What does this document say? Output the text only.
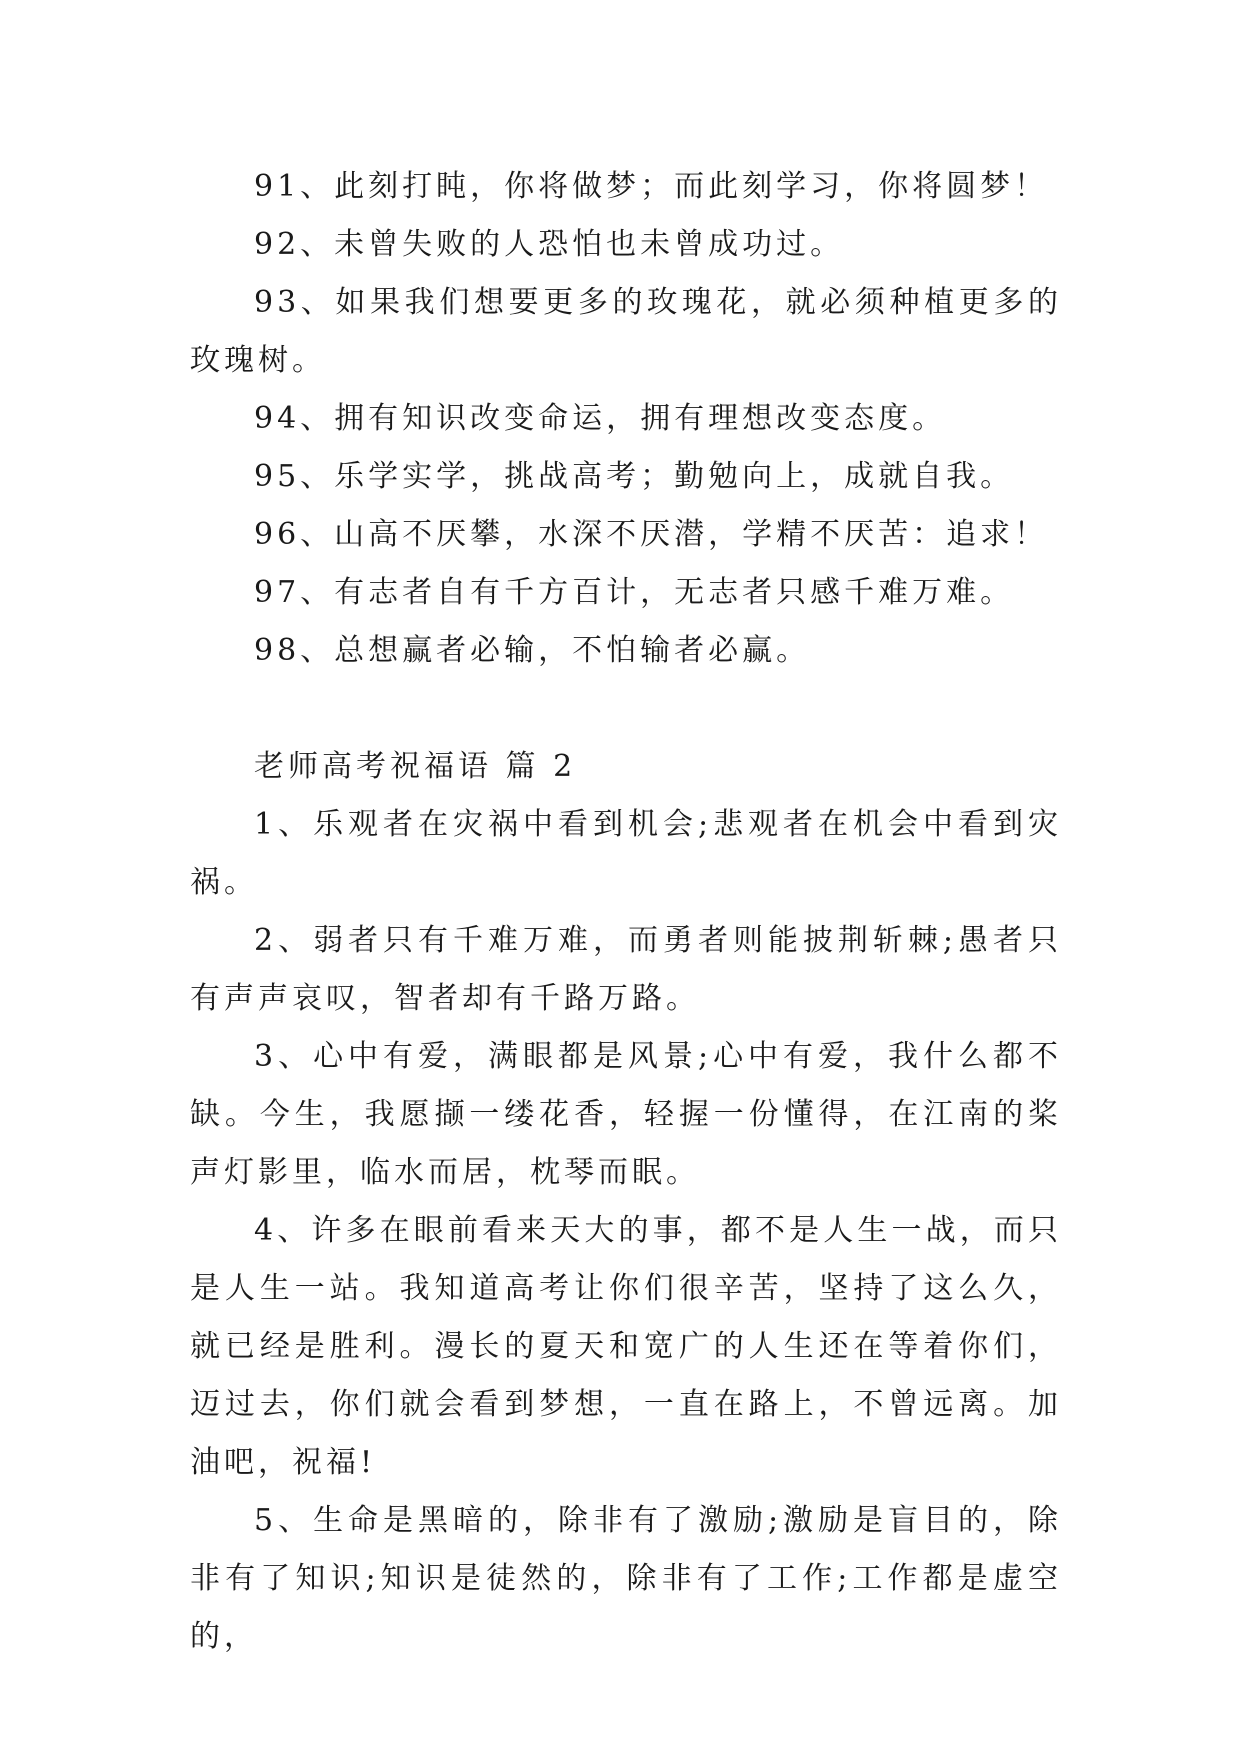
91、此刻打盹，你将做梦；而此刻学习，你将圆梦！

92、未曾失败的人恐怕也未曾成功过。

93、如果我们想要更多的玫瑰花，就必须种植更多的玫瑰树。

94、拥有知识改变命运，拥有理想改变态度。

95、乐学实学，挑战高考；勤勉向上，成就自我。

96、山高不厌攀，水深不厌潜，学精不厌苦：追求！

97、有志者自有千方百计，无志者只感千难万难。

98、总想赢者必输，不怕输者必赢。

老师高考祝福语 篇 2

1、乐观者在灾祸中看到机会;悲观者在机会中看到灾祸。

2、弱者只有千难万难，而勇者则能披荆斩棘;愚者只有声声哀叹，智者却有千路万路。

3、心中有爱，满眼都是风景;心中有爱，我什么都不缺。今生，我愿撷一缕花香，轻握一份懂得，在江南的桨声灯影里，临水而居，枕琴而眠。

4、许多在眼前看来天大的事，都不是人生一战，而只是人生一站。我知道高考让你们很辛苦，坚持了这么久，就已经是胜利。漫长的夏天和宽广的人生还在等着你们，迈过去，你们就会看到梦想，一直在路上，不曾远离。加油吧，祝福!

5、生命是黑暗的，除非有了激励;激励是盲目的，除非有了知识;知识是徒然的，除非有了工作;工作都是虚空的，
